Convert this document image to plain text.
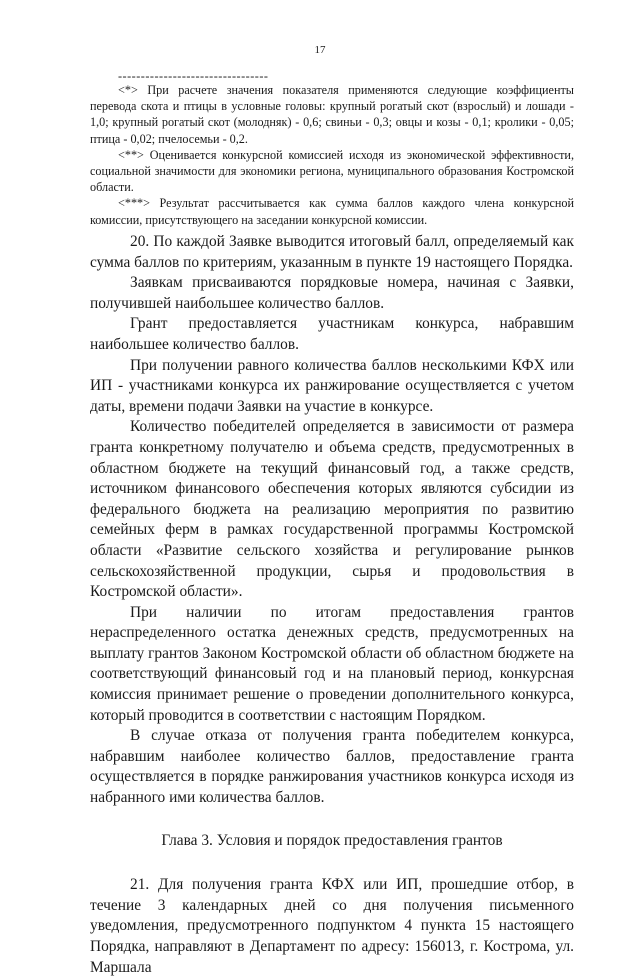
17

---------------------------------

<*> При расчете значения показателя применяются следующие коэффициенты перевода скота и птицы в условные головы: крупный рогатый скот (взрослый) и лошади - 1,0; крупный рогатый скот (молодняк) - 0,6; свиньи - 0,3; овцы и козы - 0,1; кролики - 0,05; птица - 0,02; пчелосемьи - 0,2.

<**> Оценивается конкурсной комиссией исходя из экономической эффективности, социальной значимости для экономики региона, муниципального образования Костромской области.

<***> Результат рассчитывается как сумма баллов каждого члена конкурсной комиссии, присутствующего на заседании конкурсной комиссии.

20. По каждой Заявке выводится итоговый балл, определяемый как сумма баллов по критериям, указанным в пункте 19 настоящего Порядка.

Заявкам присваиваются порядковые номера, начиная с Заявки, получившей наибольшее количество баллов.

Грант предоставляется участникам конкурса, набравшим наибольшее количество баллов.

При получении равного количества баллов несколькими КФХ или ИП - участниками конкурса их ранжирование осуществляется с учетом даты, времени подачи Заявки на участие в конкурсе.

Количество победителей определяется в зависимости от размера гранта конкретному получателю и объема средств, предусмотренных в областном бюджете на текущий финансовый год, а также средств, источником финансового обеспечения которых являются субсидии из федерального бюджета на реализацию мероприятия по развитию семейных ферм в рамках государственной программы Костромской области «Развитие сельского хозяйства и регулирование рынков сельскохозяйственной продукции, сырья и продовольствия в Костромской области».

При наличии по итогам предоставления грантов нераспределенного остатка денежных средств, предусмотренных на выплату грантов Законом Костромской области об областном бюджете на соответствующий финансовый год и на плановый период, конкурсная комиссия принимает решение о проведении дополнительного конкурса, который проводится в соответствии с настоящим Порядком.

В случае отказа от получения гранта победителем конкурса, набравшим наиболее количество баллов, предоставление гранта осуществляется в порядке ранжирования участников конкурса исходя из набранного ими количества баллов.

Глава 3. Условия и порядок предоставления грантов

21. Для получения гранта КФХ или ИП, прошедшие отбор, в течение 3 календарных дней со дня получения письменного уведомления, предусмотренного подпунктом 4 пункта 15 настоящего Порядка, направляют в Департамент по адресу: 156013, г. Кострома, ул. Маршала
